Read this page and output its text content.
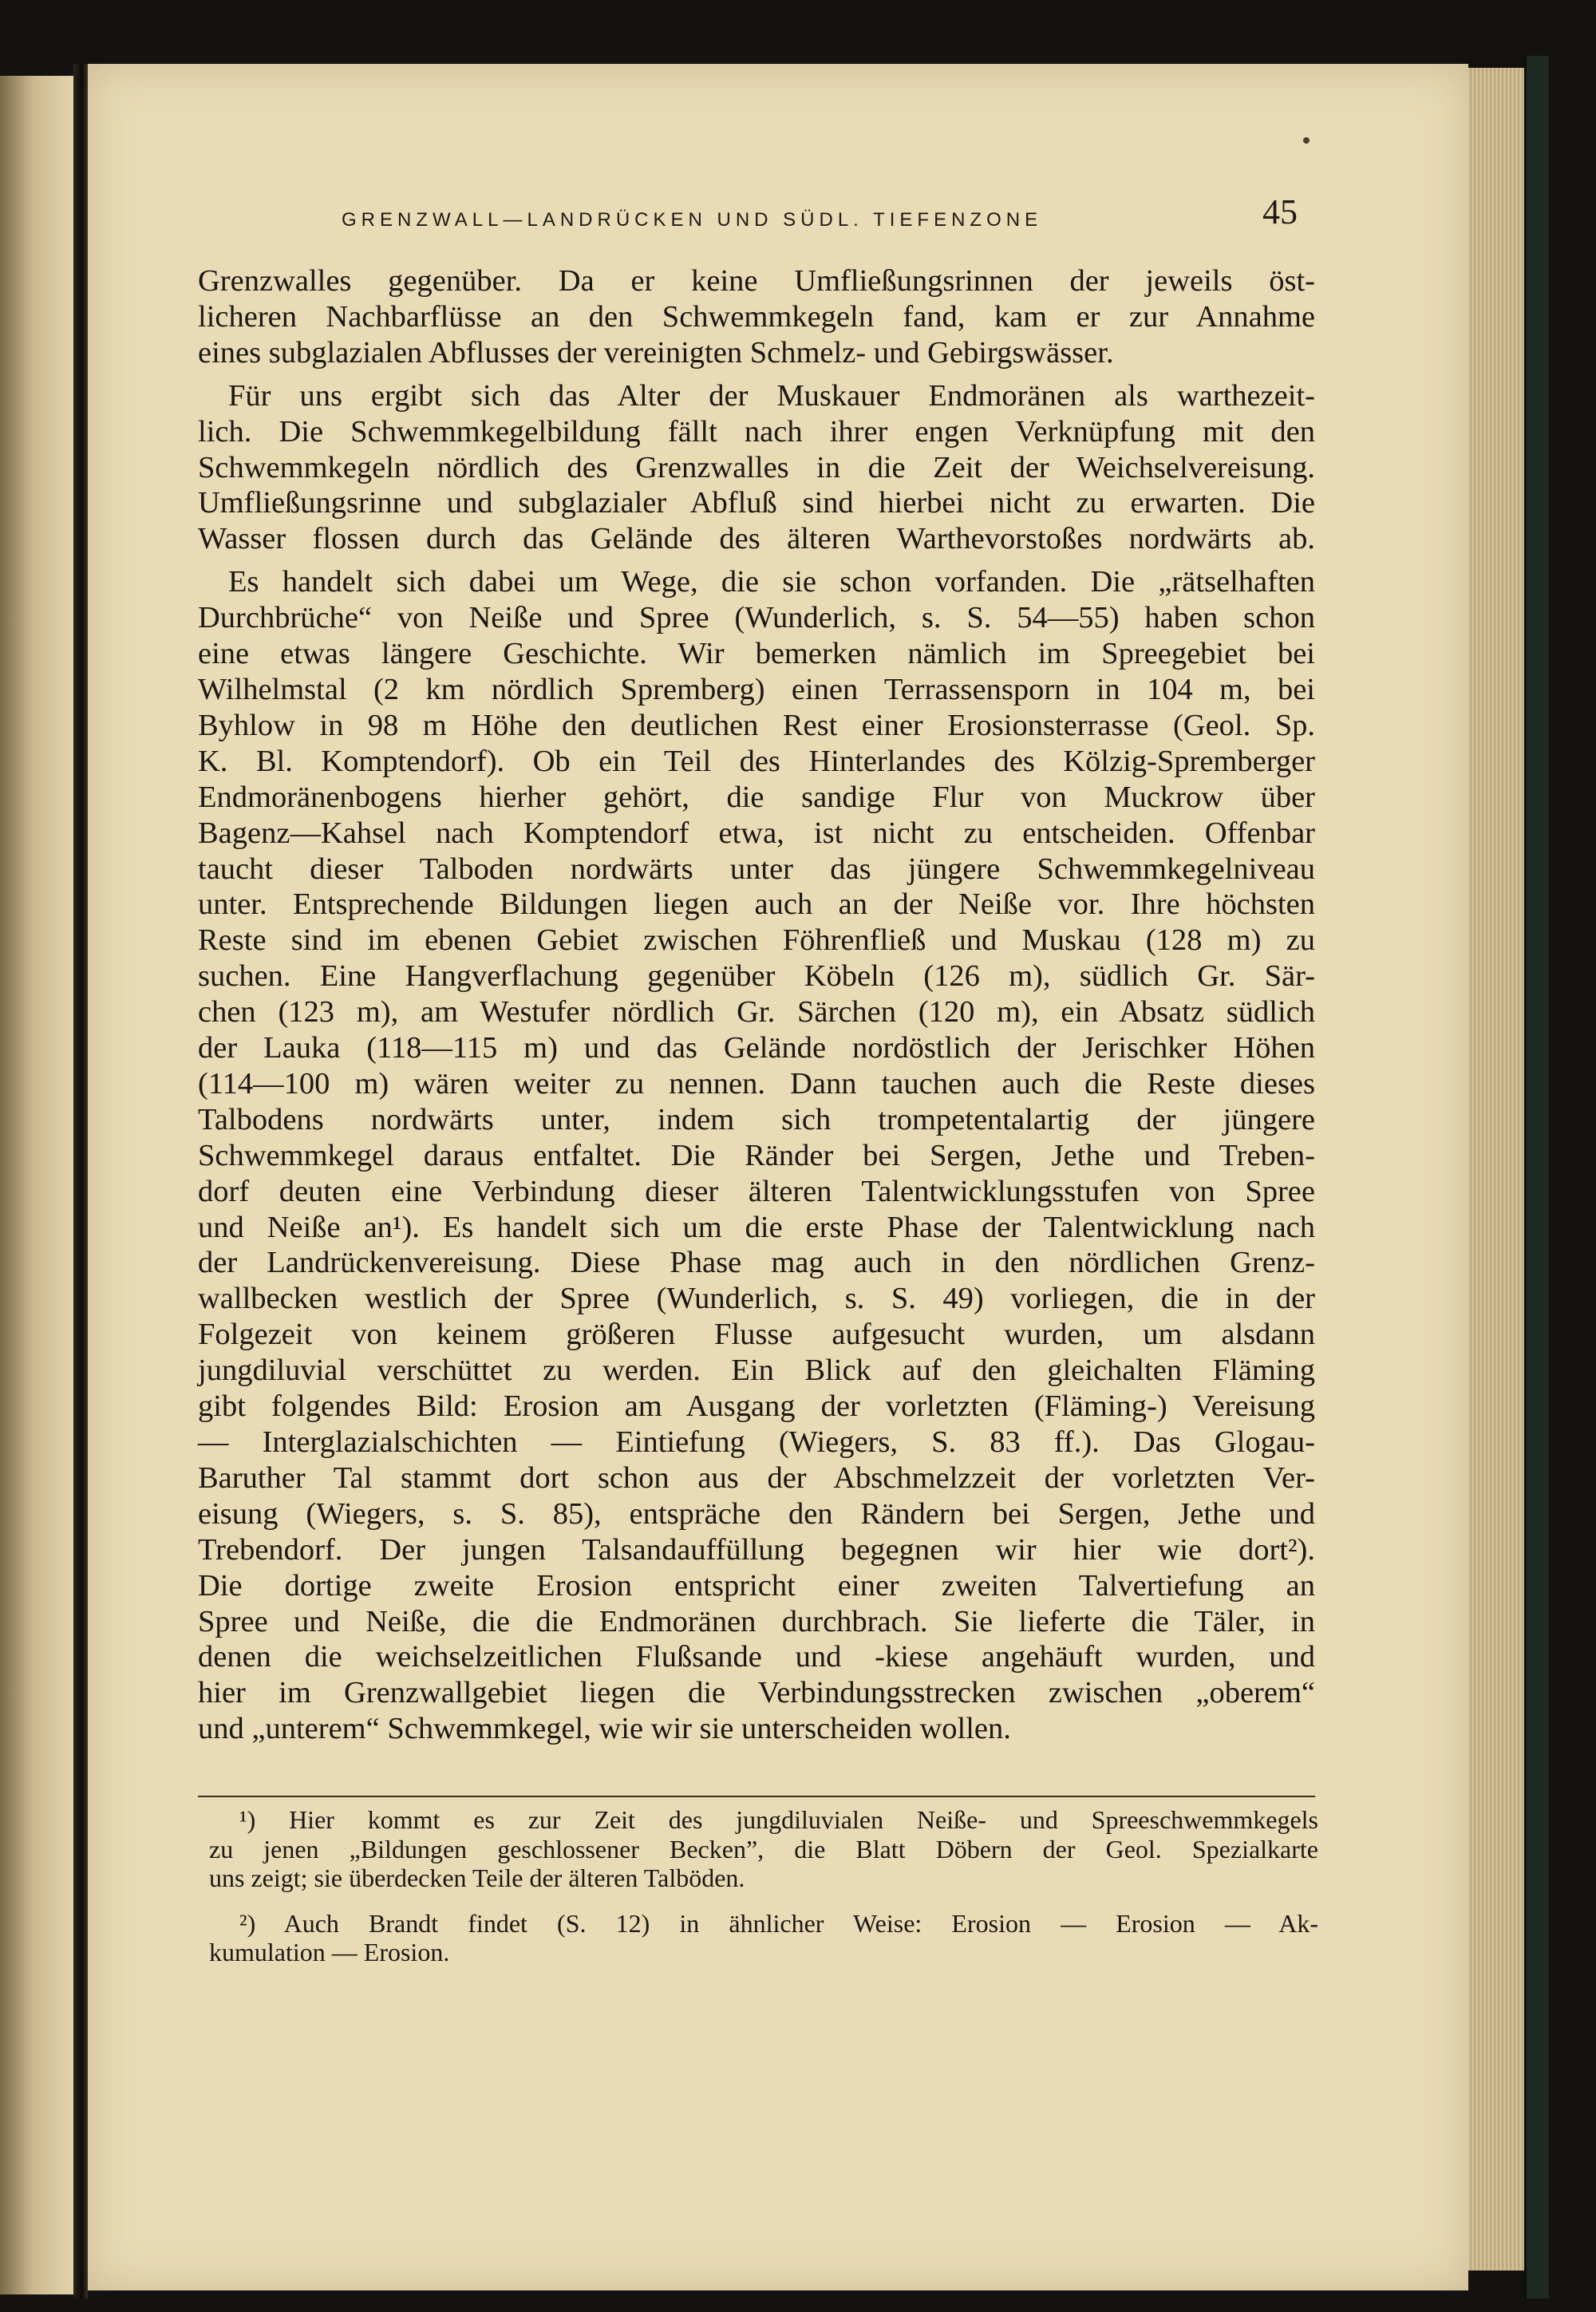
GRENZWALL—LANDRÜCKEN UND SÜDL. TIEFENZONE	45
Grenzwalles gegenüber. Da er keine Umfließungsrinnen der jeweils öst-
licheren Nachbarflüsse an den Schwemmkegeln fand, kam er zur Annahme
eines subglazialen Abflusses der vereinigten Schmelz- und Gebirgswässer.
Für uns ergibt sich das Alter der Muskauer Endmoränen als warthezeit-
lich. Die Schwemmkegelbildung fällt nach ihrer engen Verknüpfung mit den
Schwemmkegeln nördlich des Grenzwalles in die Zeit der Weichselvereisung.
Umfließungsrinne und subglazialer Abfluß sind hierbei nicht zu erwarten. Die
Wasser flossen durch das Gelände des älteren Warthevorstoßes nordwärts ab.
Es handelt sich dabei um Wege, die sie schon vorfanden. Die „rätselhaften
Durchbrüche“ von Neiße und Spree (Wunderlich, s. S. 54—55) haben schon
eine etwas längere Geschichte. Wir bemerken nämlich im Spreegebiet bei
Wilhelmstal (2 km nördlich Spremberg) einen Terrassensporn in 104 m, bei
Byhlow in 98 m Höhe den deutlichen Rest einer Erosionsterrasse (Geol. Sp.
K. Bl. Komptendorf). Ob ein Teil des Hinterlandes des Kölzig-Spremberger
Endmoränenbogens hierher gehört, die sandige Flur von Muckrow über
Bagenz—Kahsel nach Komptendorf etwa, ist nicht zu entscheiden. Offenbar
taucht dieser Talboden nordwärts unter das jüngere Schwemmkegelniveau
unter. Entsprechende Bildungen liegen auch an der Neiße vor. Ihre höchsten
Reste sind im ebenen Gebiet zwischen Föhrenfließ und Muskau (128 m) zu
suchen. Eine Hangverflachung gegenüber Köbeln (126 m), südlich Gr. Sär-
chen (123 m), am Westufer nördlich Gr. Särchen (120 m), ein Absatz südlich
der Lauka (118—115 m) und das Gelände nordöstlich der Jerischker Höhen
(114—100 m) wären weiter zu nennen. Dann tauchen auch die Reste dieses
Talbodens nordwärts unter, indem sich trompetentalartig der jüngere
Schwemmkegel daraus entfaltet. Die Ränder bei Sergen, Jethe und Treben-
dorf deuten eine Verbindung dieser älteren Talentwicklungsstufen von Spree
und Neiße an¹). Es handelt sich um die erste Phase der Talentwicklung nach
der Landrückenvereisung. Diese Phase mag auch in den nördlichen Grenz-
wallbecken westlich der Spree (Wunderlich, s. S. 49) vorliegen, die in der
Folgezeit von keinem größeren Flusse aufgesucht wurden, um alsdann
jungdiluvial verschüttet zu werden. Ein Blick auf den gleichalten Fläming
gibt folgendes Bild: Erosion am Ausgang der vorletzten (Fläming-) Vereisung
— Interglazialschichten — Eintiefung (Wiegers, S. 83 ff.). Das Glogau-
Baruther Tal stammt dort schon aus der Abschmelzzeit der vorletzten Ver-
eisung (Wiegers, s. S. 85), entspräche den Rändern bei Sergen, Jethe und
Trebendorf. Der jungen Talsandauffüllung begegnen wir hier wie dort²).
Die dortige zweite Erosion entspricht einer zweiten Talvertiefung an
Spree und Neiße, die die Endmoränen durchbrach. Sie lieferte die Täler, in
denen die weichselzeitlichen Flußsande und -kiese angehäuft wurden, und
hier im Grenzwallgebiet liegen die Verbindungsstrecken zwischen „oberem“
und „unterem“ Schwemmkegel, wie wir sie unterscheiden wollen.
¹) Hier kommt es zur Zeit des jungdiluvialen Neiße- und Spreeschwemmkegels
zu jenen „Bildungen geschlossener Becken”, die Blatt Döbern der Geol. Spezialkarte
uns zeigt; sie überdecken Teile der älteren Talböden.
²) Auch Brandt findet (S. 12) in ähnlicher Weise: Erosion — Erosion — Ak-
kumulation — Erosion.
